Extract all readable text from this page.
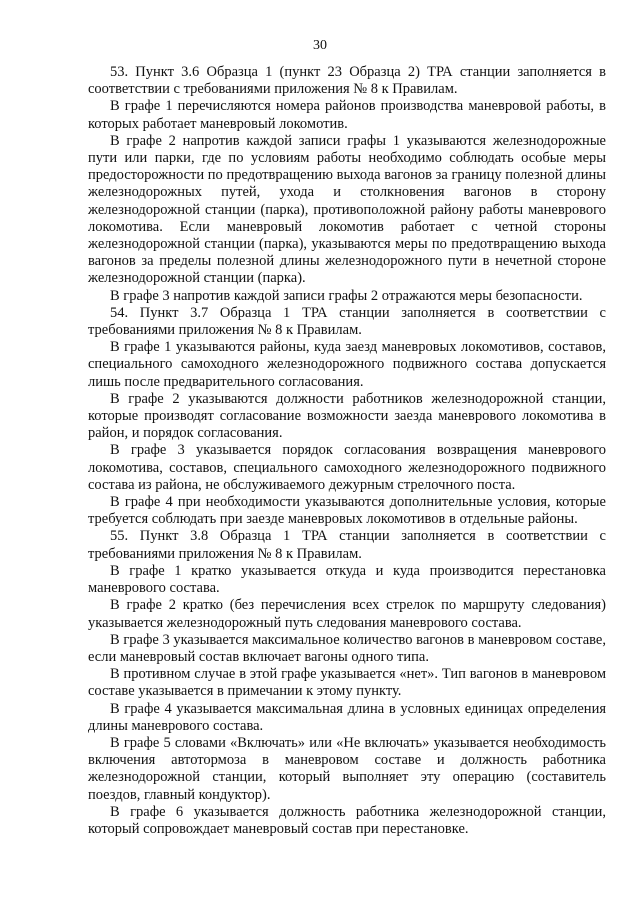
30

53. Пункт 3.6 Образца 1 (пункт 23 Образца 2) ТРА станции заполняется в соответствии с требованиями приложения № 8 к Правилам.

В графе 1 перечисляются номера районов производства маневровой работы, в которых работает маневровый локомотив.

В графе 2 напротив каждой записи графы 1 указываются железнодорожные пути или парки, где по условиям работы необходимо соблюдать особые меры предосторожности по предотвращению выхода вагонов за границу полезной длины железнодорожных путей, ухода и столкновения вагонов в сторону железнодорожной станции (парка), противоположной району работы маневрового локомотива. Если маневровый локомотив работает с четной стороны железнодорожной станции (парка), указываются меры по предотвращению выхода вагонов за пределы полезной длины железнодорожного пути в нечетной стороне железнодорожной станции (парка).

В графе 3 напротив каждой записи графы 2 отражаются меры безопасности.

54. Пункт 3.7 Образца 1 ТРА станции заполняется в соответствии с требованиями приложения № 8 к Правилам.

В графе 1 указываются районы, куда заезд маневровых локомотивов, составов, специального самоходного железнодорожного подвижного состава допускается лишь после предварительного согласования.

В графе 2 указываются должности работников железнодорожной станции, которые производят согласование возможности заезда маневрового локомотива в район, и порядок согласования.

В графе 3 указывается порядок согласования возвращения маневрового локомотива, составов, специального самоходного железнодорожного подвижного состава из района, не обслуживаемого дежурным стрелочного поста.

В графе 4 при необходимости указываются дополнительные условия, которые требуется соблюдать при заезде маневровых локомотивов в отдельные районы.

55. Пункт 3.8 Образца 1 ТРА станции заполняется в соответствии с требованиями приложения № 8 к Правилам.

В графе 1 кратко указывается откуда и куда производится перестановка маневрового состава.

В графе 2 кратко (без перечисления всех стрелок по маршруту следования) указывается железнодорожный путь следования маневрового состава.

В графе 3 указывается максимальное количество вагонов в маневровом составе, если маневровый состав включает вагоны одного типа.

В противном случае в этой графе указывается «нет». Тип вагонов в маневровом составе указывается в примечании к этому пункту.

В графе 4 указывается максимальная длина в условных единицах определения длины маневрового состава.

В графе 5 словами «Включать» или «Не включать» указывается необходимость включения автотормоза в маневровом составе и должность работника железнодорожной станции, который выполняет эту операцию (составитель поездов, главный кондуктор).

В графе 6 указывается должность работника железнодорожной станции, который сопровождает маневровый состав при перестановке.
